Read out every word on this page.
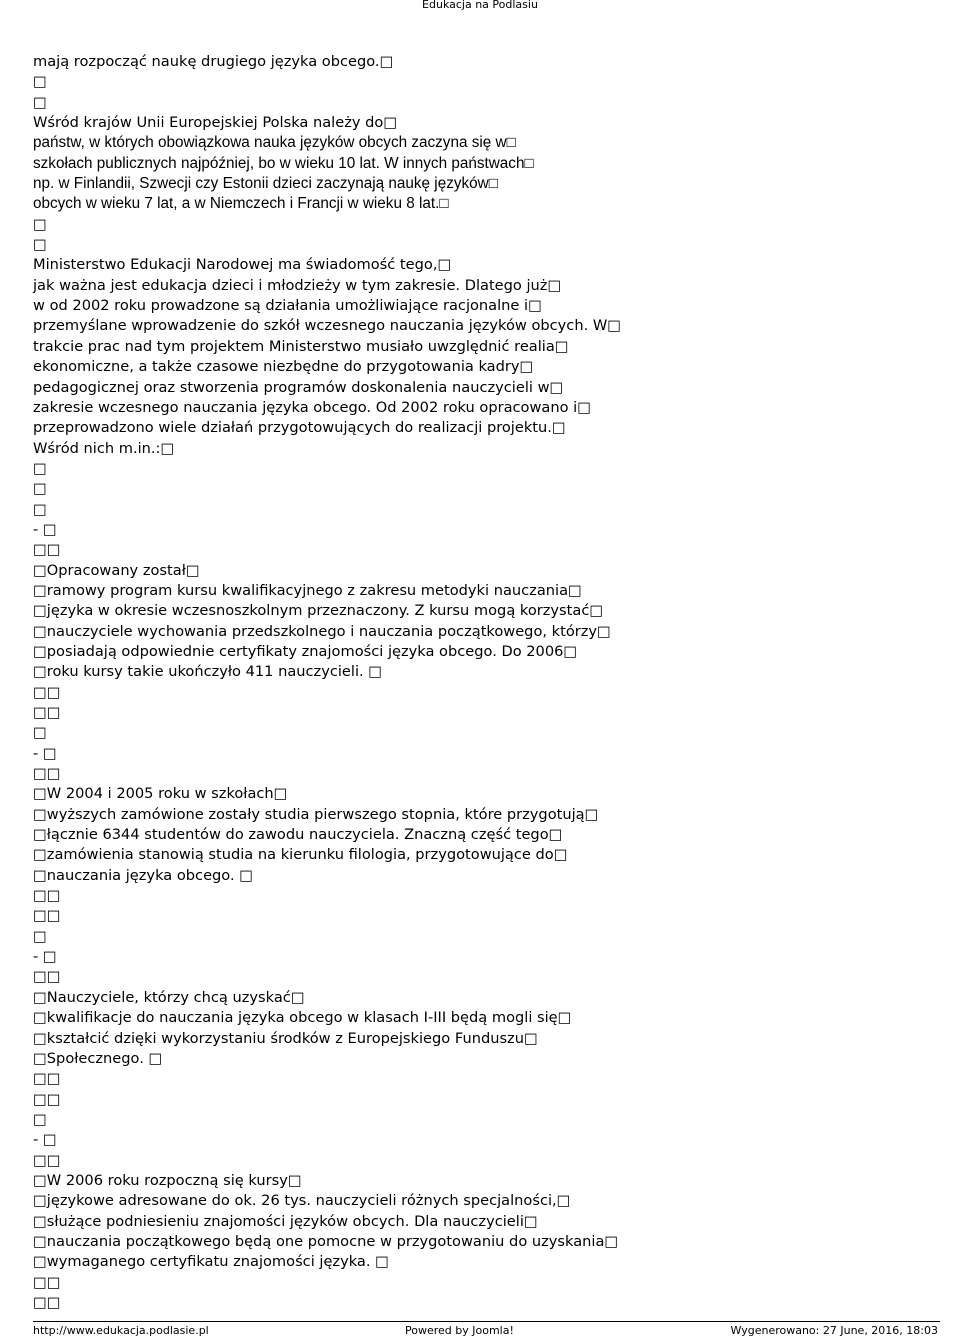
Edukacja na Podlasiu
mają rozpocząć naukę drugiego języka obcego.□
□
□
Wśród krajów Unii Europejskiej Polska należy do□
państw, w których obowiązkowa nauka języków obcych zaczyna się w□
szkołach publicznych najpóźniej, bo w wieku 10 lat. W innych państwach□
np. w Finlandii, Szwecji czy Estonii dzieci zaczynają naukę języków□
obcych w wieku 7 lat, a w Niemczech i Francji w wieku 8 lat.□
□
□
Ministerstwo Edukacji Narodowej ma świadomość tego,□
jak ważna jest edukacja dzieci i młodzieży w tym zakresie. Dlatego już□
w od 2002 roku prowadzone są działania umożliwiające racjonalne i□
przemyślane wprowadzenie do szkół wczesnego nauczania języków obcych. W□
trakcie prac nad tym projektem Ministerstwo musiało uwzględnić realia□
ekonomiczne, a także czasowe niezbędne do przygotowania kadry□
pedagogicznej oraz stworzenia programów doskonalenia nauczycieli w□
zakresie wczesnego nauczania języka obcego. Od 2002 roku opracowano i□
przeprowadzono wiele działań przygotowujących do realizacji projektu.□
Wśród nich m.in.:□
□
□
□
- □
□□
□Opracowany został□
□ramowy program kursu kwalifikacyjnego z zakresu metodyki nauczania□
□języka w okresie wczesnoszkolnym przeznaczony. Z kursu mogą korzystać□
□nauczyciele wychowania przedszkolnego i nauczania początkowego, którzy□
□posiadają odpowiednie certyfikaty znajomości języka obcego. Do 2006□
□roku kursy takie ukończyło 411 nauczycieli. □
□□
□□
□
- □
□□
□W 2004 i 2005 roku w szkołach□
□wyższych zamówione zostały studia pierwszego stopnia, które przygotują□
□łącznie 6344 studentów do zawodu nauczyciela. Znaczną część tego□
□zamówienia stanowią studia na kierunku filologia, przygotowujące do□
□nauczania języka obcego. □
□□
□□
□
- □
□□
□Nauczyciele, którzy chcą uzyskać□
□kwalifikacje do nauczania języka obcego w klasach I-III będą mogli się□
□kształcić dzięki wykorzystaniu środków z Europejskiego Funduszu□
□Społecznego. □
□□
□□
□
- □
□□
□W 2006 roku rozpoczną się kursy□
□językowe adresowane do ok. 26 tys. nauczycieli różnych specjalności,□
□służące podniesieniu znajomości języków obcych. Dla nauczycieli□
□nauczania początkowego będą one pomocne w przygotowaniu do uzyskania□
□wymaganego certyfikatu znajomości języka. □
□□
□□
http://www.edukacja.podlasie.pl	Powered by Joomla!	Wygenerowano: 27 June, 2016, 18:03
